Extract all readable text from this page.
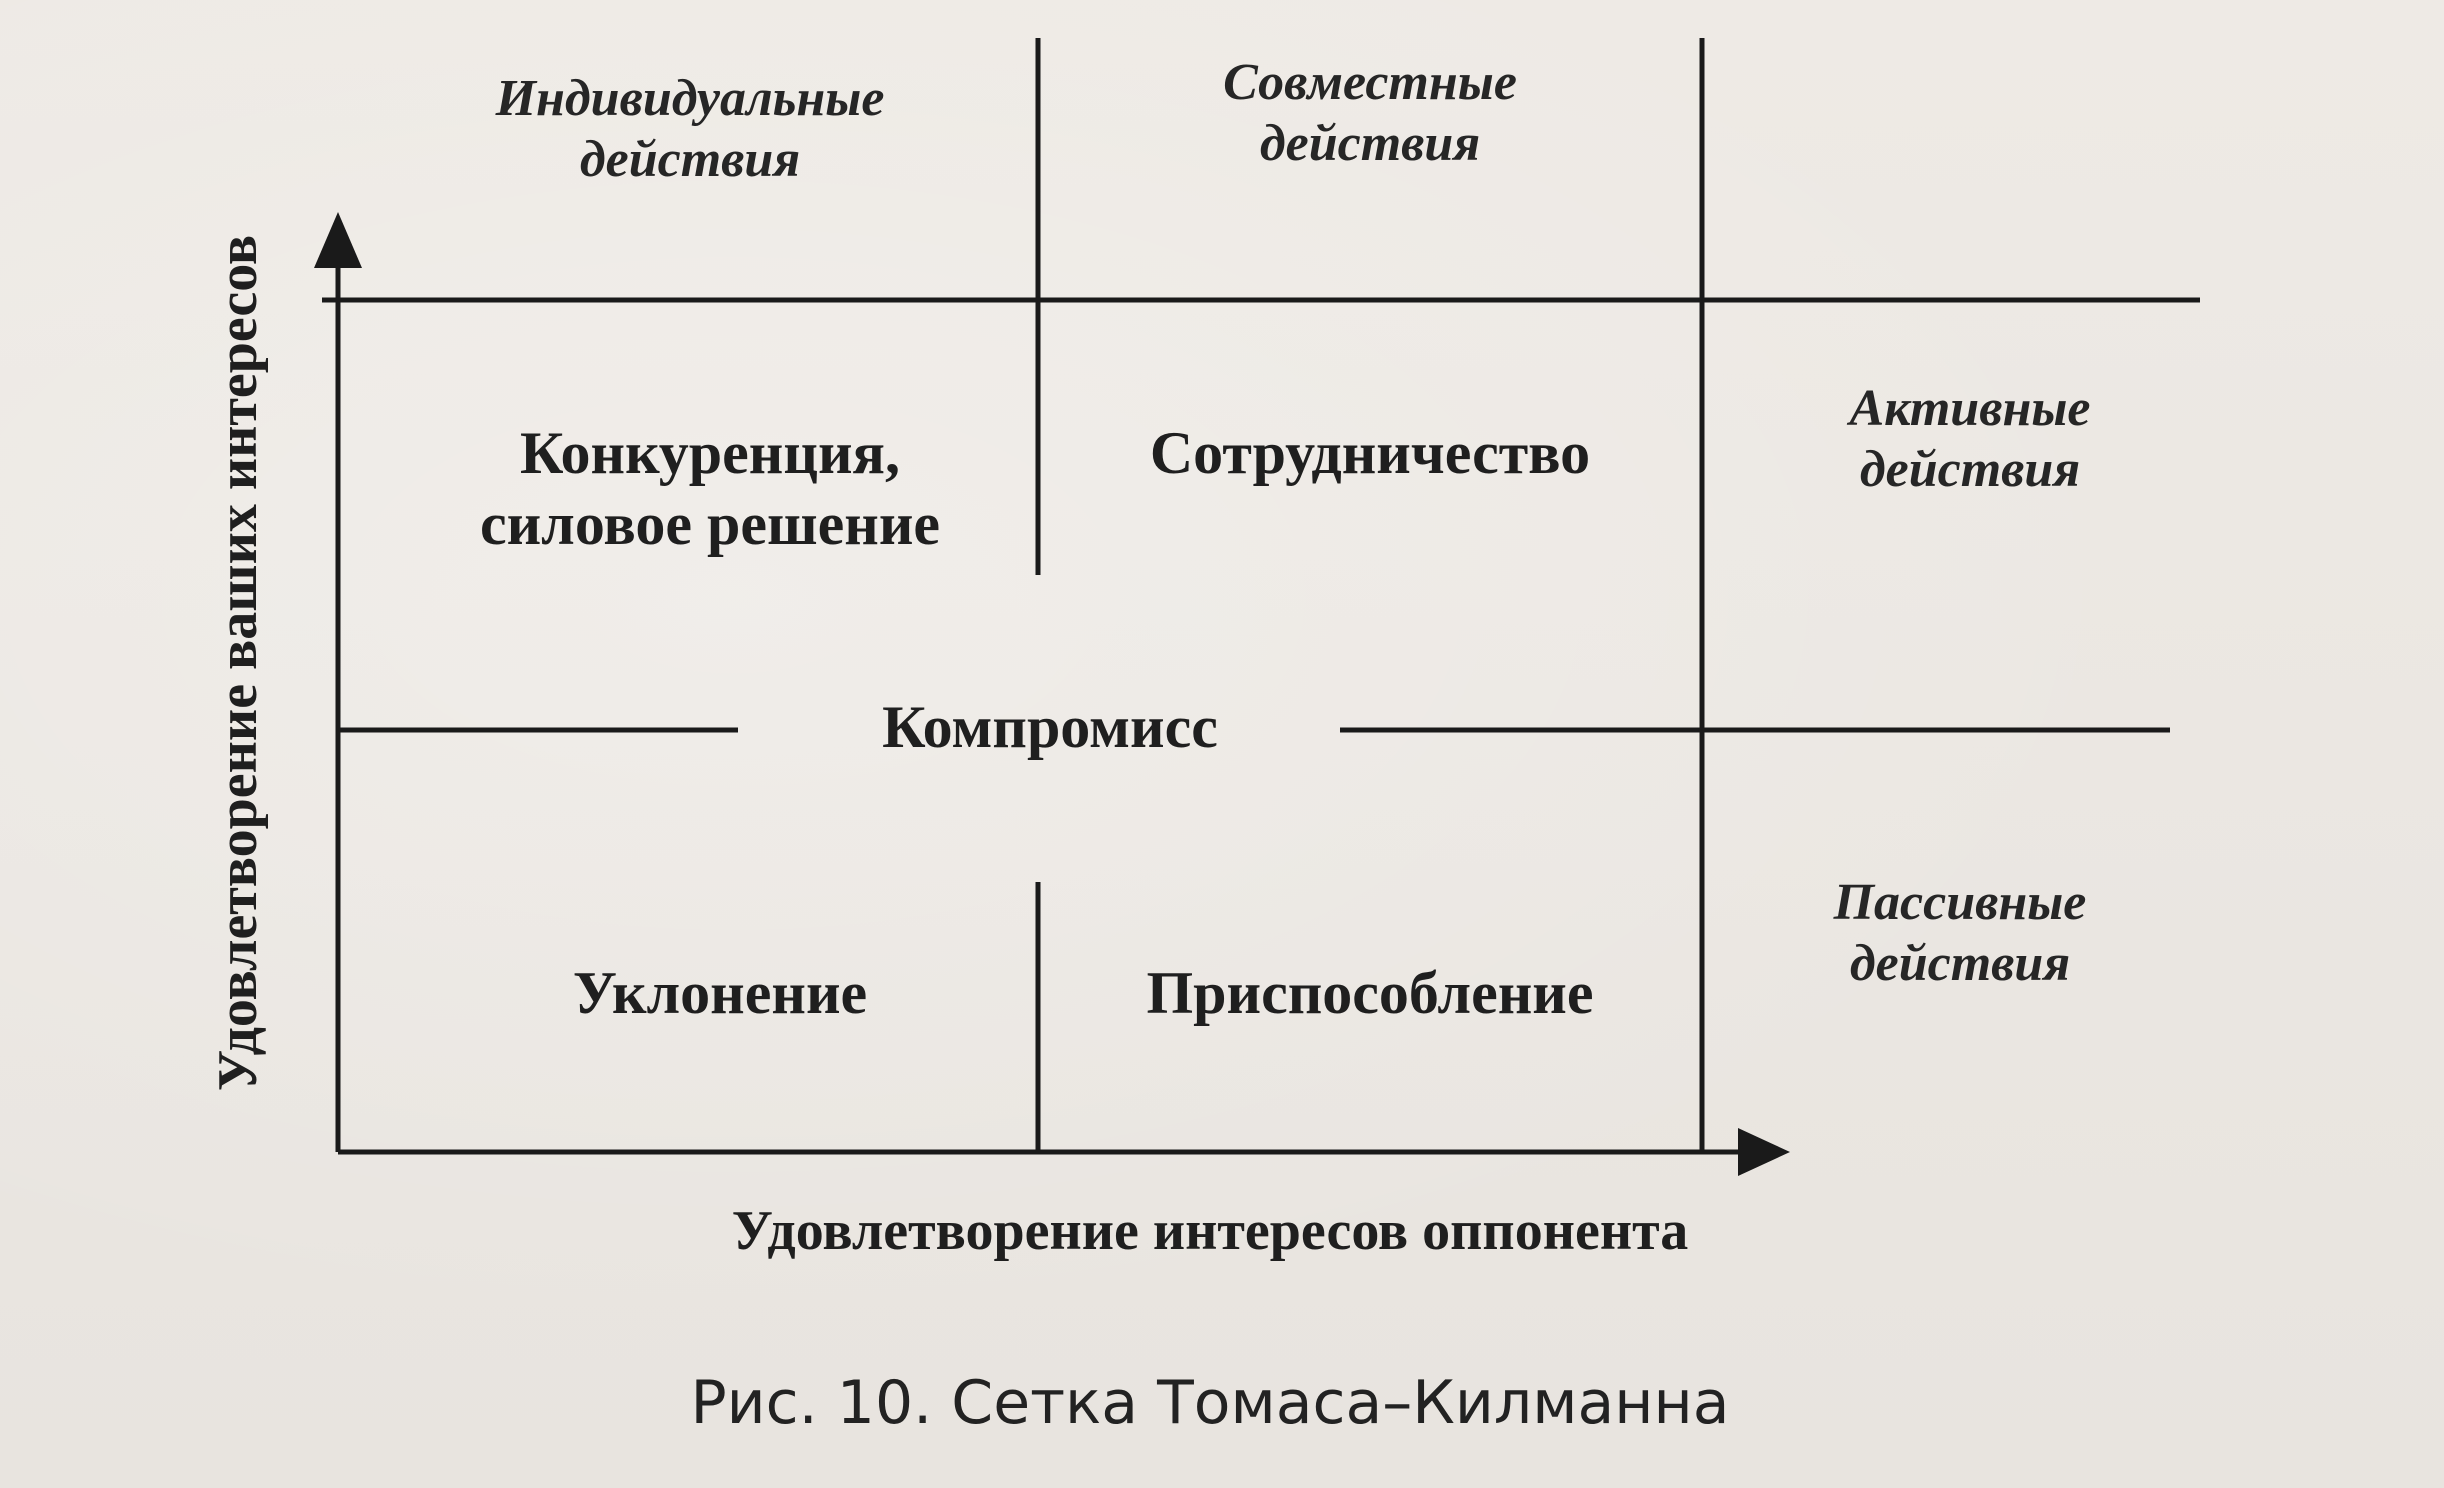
Индивидуальные
действия
Совместные
действия
Активные
действия
Пассивные
действия
Конкуренция,
силовое решение
Сотрудничество
Компромисс
Уклонение	Приспособление
Удовлетворение интересов оппонента
Удовлетворение ваших интересов
Рис. 10. Сетка Томаса–Килманна
